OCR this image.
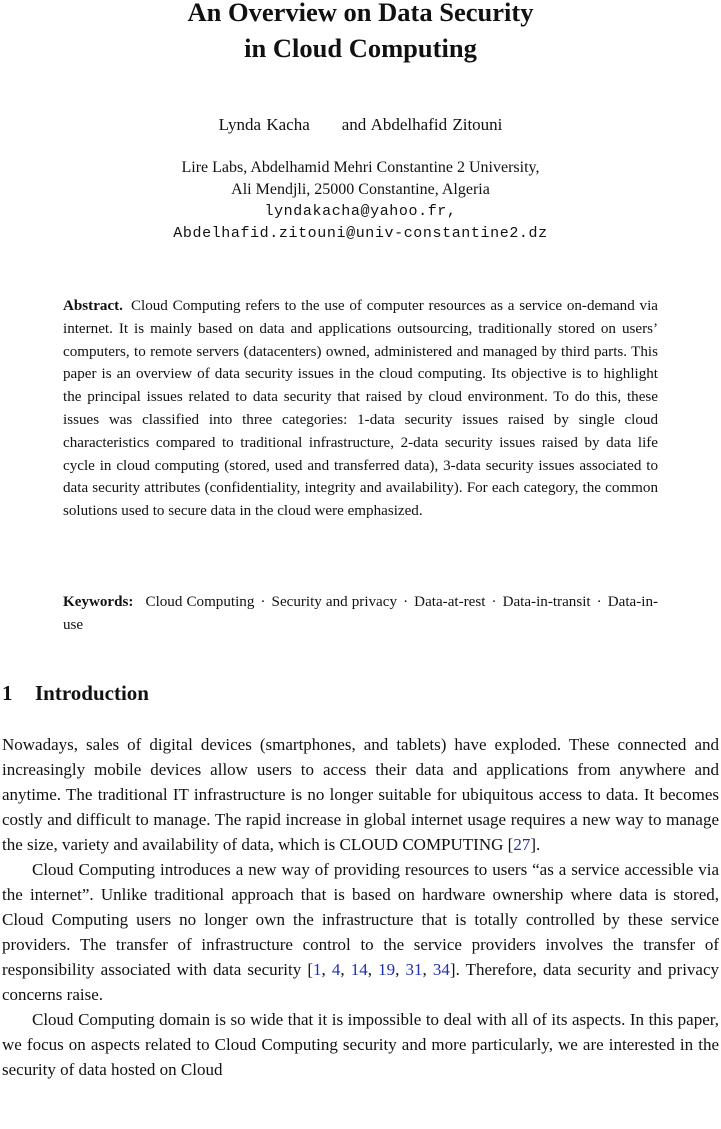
An Overview on Data Security
in Cloud Computing
Lynda Kacha and Abdelhafid Zitouni
Lire Labs, Abdelhamid Mehri Constantine 2 University,
Ali Mendjli, 25000 Constantine, Algeria
lyndakacha@yahoo.fr,
Abdelhafid.zitouni@univ-constantine2.dz

Abstract. Cloud Computing refers to the use of computer resources as a service on-demand via internet. It is mainly based on data and applications outsourcing, traditionally stored on users’ computers, to remote servers (datacenters) owned, administered and managed by third parts. This paper is an overview of data security issues in the cloud computing. Its objective is to highlight the principal issues related to data security that raised by cloud environment. To do this, these issues was classified into three categories: 1-data security issues raised by single cloud characteristics compared to traditional infrastructure, 2-data security issues raised by data life cycle in cloud computing (stored, used and transferred data), 3-data security issues associated to data security attributes (confidentiality, integrity and availability). For each category, the common solutions used to secure data in the cloud were emphasized.

Keywords: Cloud Computing · Security and privacy · Data-at-rest · Data-in-transit · Data-in-use
1 Introduction

Nowadays, sales of digital devices (smartphones, and tablets) have exploded. These connected and increasingly mobile devices allow users to access their data and applications from anywhere and anytime. The traditional IT infrastructure is no longer suitable for ubiquitous access to data. It becomes costly and difficult to manage. The rapid increase in global internet usage requires a new way to manage the size, variety and availability of data, which is CLOUD COMPUTING [27].

Cloud Computing introduces a new way of providing resources to users “as a service accessible via the internet”. Unlike traditional approach that is based on hardware ownership where data is stored, Cloud Computing users no longer own the infrastructure that is totally controlled by these service providers. The transfer of infrastructure control to the service providers involves the transfer of responsibility associated with data security [1, 4, 14, 19, 31, 34]. Therefore, data security and privacy concerns raise.

Cloud Computing domain is so wide that it is impossible to deal with all of its aspects. In this paper, we focus on aspects related to Cloud Computing security and more particularly, we are interested in the security of data hosted on Cloud
